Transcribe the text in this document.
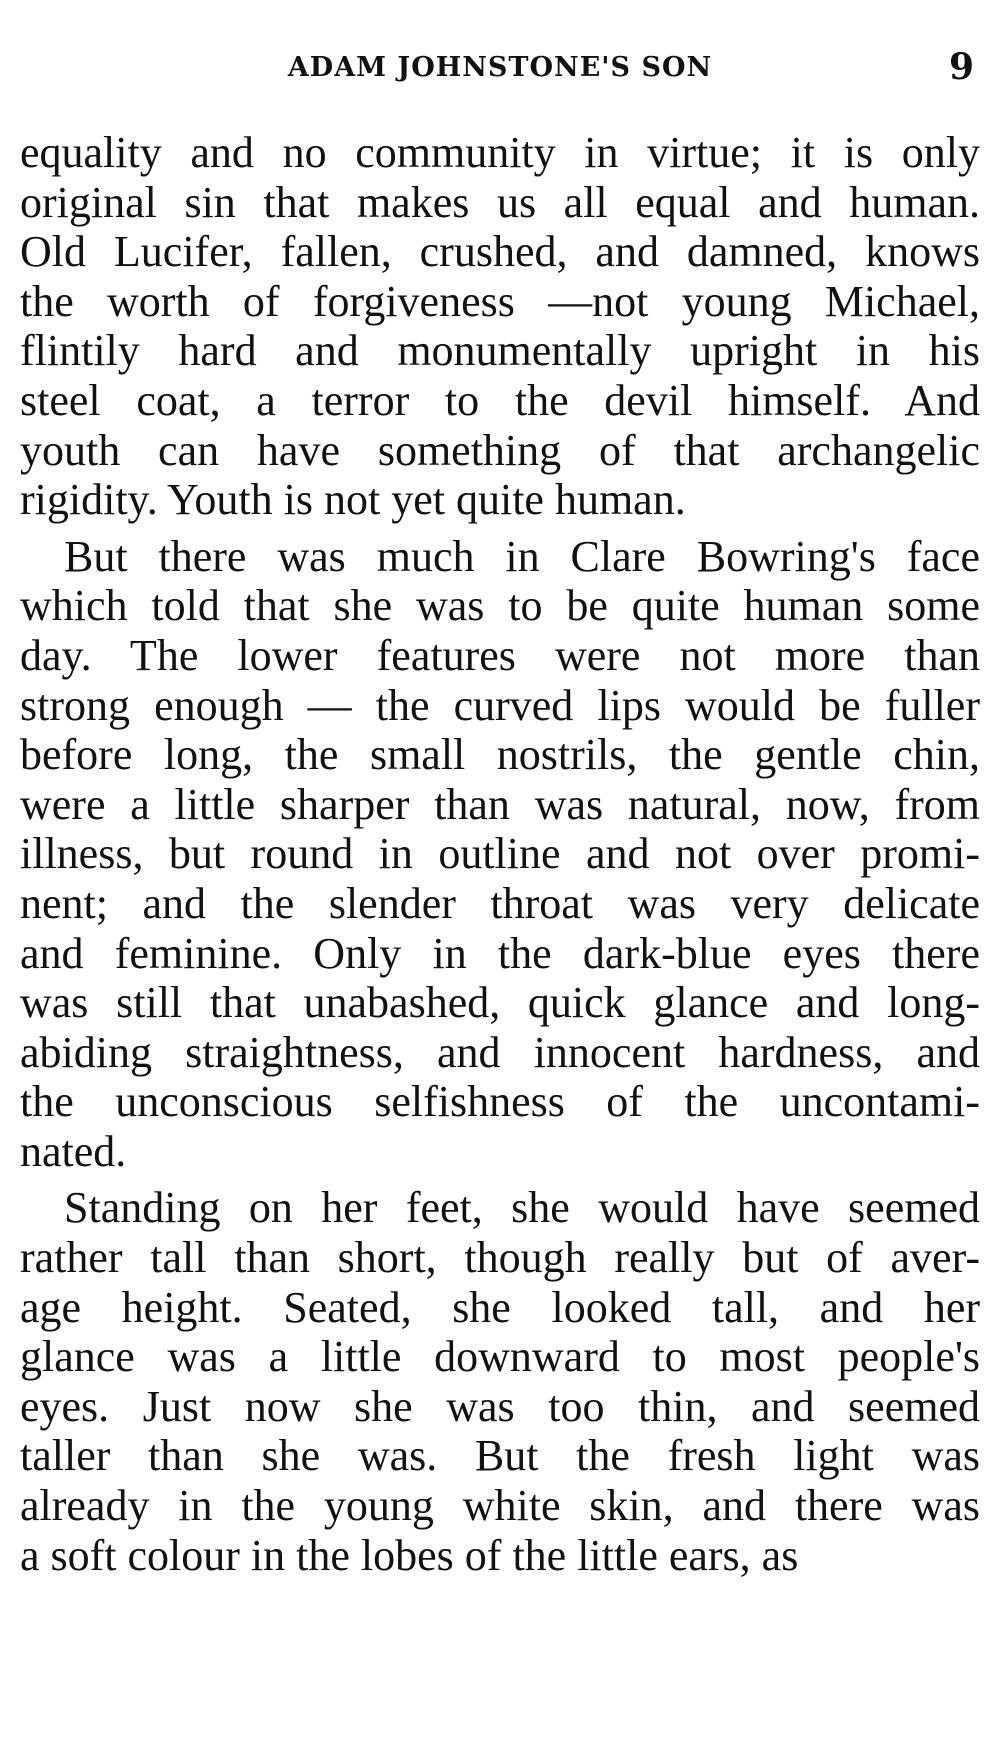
ADAM JOHNSTONE'S SON	9
equality and no community in virtue; it is only
original sin that makes us all equal and human.
Old Lucifer, fallen, crushed, and damned, knows
the worth of forgiveness —not young Michael,
flintily hard and monumentally upright in his
steel coat, a terror to the devil himself. And
youth can have something of that archangelic
rigidity. Youth is not yet quite human.
But there was much in Clare Bowring's face
which told that she was to be quite human some
day. The lower features were not more than
strong enough — the curved lips would be fuller
before long, the small nostrils, the gentle chin,
were a little sharper than was natural, now, from
illness, but round in outline and not over promi-
nent; and the slender throat was very delicate
and feminine. Only in the dark-blue eyes there
was still that unabashed, quick glance and long-
abiding straightness, and innocent hardness, and
the unconscious selfishness of the uncontami-
nated.
Standing on her feet, she would have seemed
rather tall than short, though really but of aver-
age height. Seated, she looked tall, and her
glance was a little downward to most people's
eyes. Just now she was too thin, and seemed
taller than she was. But the fresh light was
already in the young white skin, and there was
a soft colour in the lobes of the little ears, as
